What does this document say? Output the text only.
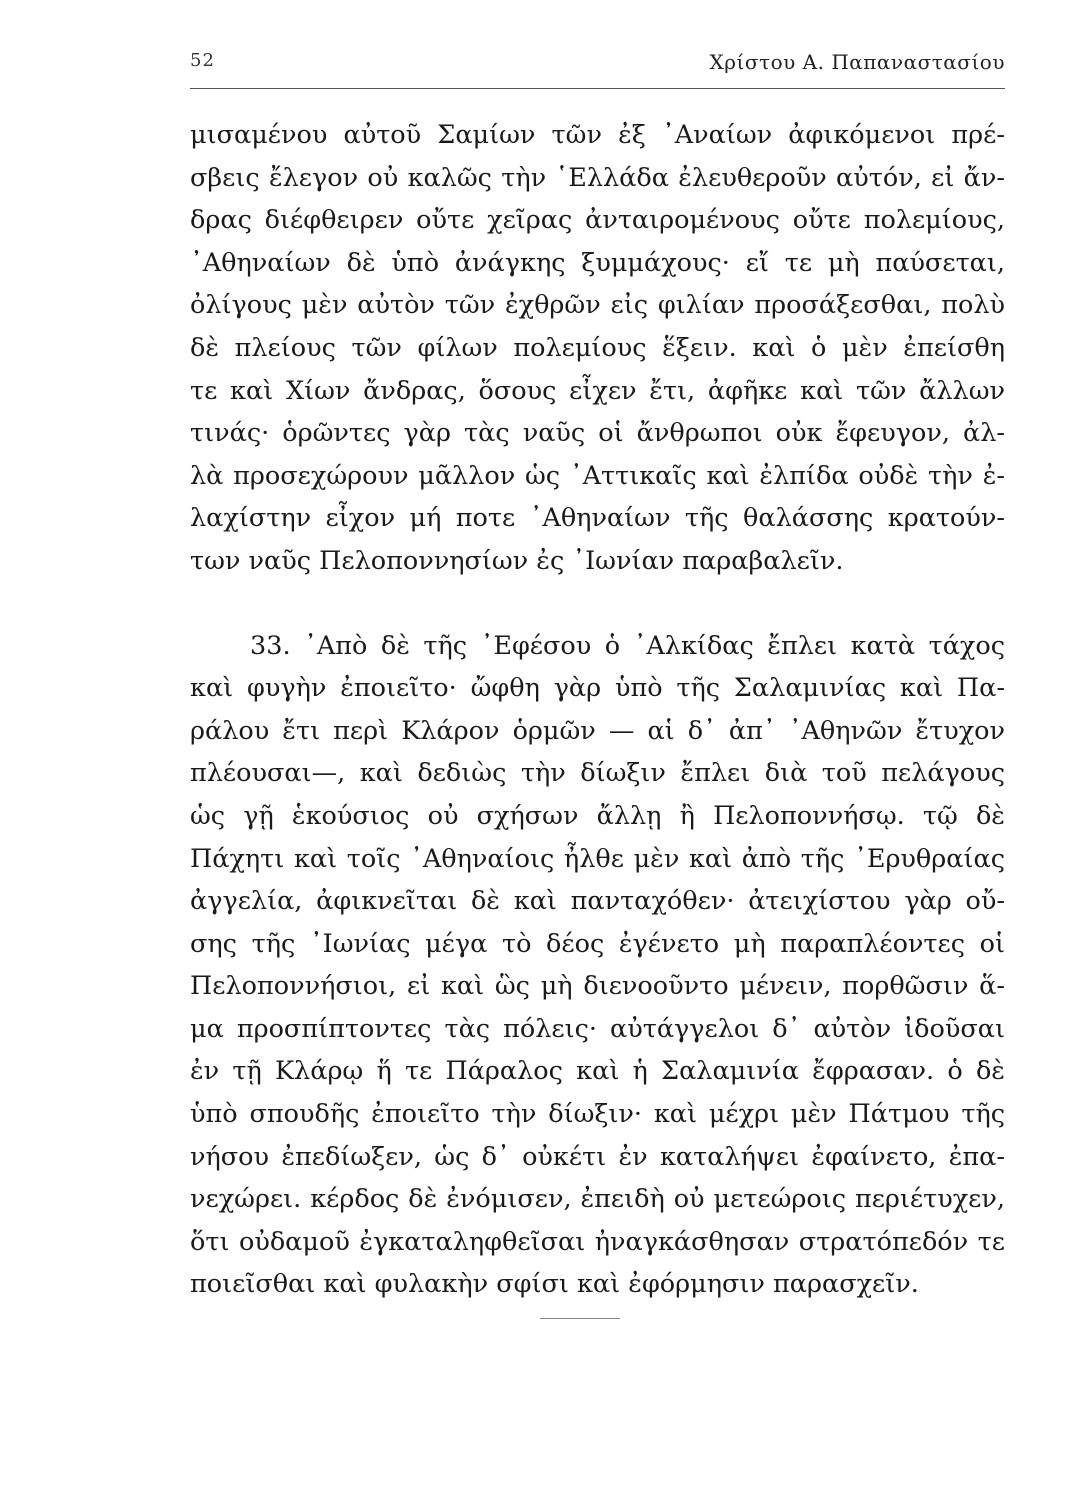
52	Χρίστου Α. Παπαναστασίου
μισαμένου αὐτοῦ Σαμίων τῶν ἐξ ᾿Αναίων ἀφικόμενοι πρέ-
σβεις ἔλεγον οὐ καλῶς τὴν ῾Ελλάδα ἐλευθεροῦν αὐτόν, εἰ ἄν-
δρας διέφθειρεν οὔτε χεῖρας ἀνταιρομένους οὔτε πολεμίους,
᾿Αθηναίων δὲ ὑπὸ ἀνάγκης ξυμμάχους· εἴ τε μὴ παύσεται,
ὀλίγους μὲν αὐτὸν τῶν ἐχθρῶν εἰς φιλίαν προσάξεσθαι, πολὺ
δὲ πλείους τῶν φίλων πολεμίους ἕξειν. καὶ ὁ μὲν ἐπείσθη
τε καὶ Χίων ἄνδρας, ὅσους εἶχεν ἔτι, ἀφῆκε καὶ τῶν ἄλλων
τινάς· ὁρῶντες γὰρ τὰς ναῦς οἱ ἄνθρωποι οὐκ ἔφευγον, ἀλ-
λὰ προσεχώρουν μᾶλλον ὡς ᾿Αττικαῖς καὶ ἐλπίδα οὐδὲ τὴν ἐ-
λαχίστην εἶχον μή ποτε ᾿Αθηναίων τῆς θαλάσσης κρατούν-
των ναῦς Πελοποννησίων ἐς ᾿Ιωνίαν παραβαλεῖν.
33. ᾿Απὸ δὲ τῆς ᾿Εφέσου ὁ ᾿Αλκίδας ἔπλει κατὰ τάχος
καὶ φυγὴν ἐποιεῖτο· ὤφθη γὰρ ὑπὸ τῆς Σαλαμινίας καὶ Πα-
ράλου ἔτι περὶ Κλάρον ὁρμῶν — αἱ δ᾿ ἀπ᾿ ᾿Αθηνῶν ἔτυχον
πλέουσαι—, καὶ δεδιὼς τὴν δίωξιν ἔπλει διὰ τοῦ πελάγους
ὡς γῇ ἑκούσιος οὐ σχήσων ἄλλῃ ἢ Πελοποννήσῳ. τῷ δὲ
Πάχητι καὶ τοῖς ᾿Αθηναίοις ἦλθε μὲν καὶ ἀπὸ τῆς ᾿Ερυθραίας
ἀγγελία, ἀφικνεῖται δὲ καὶ πανταχόθεν· ἀτειχίστου γὰρ οὔ-
σης τῆς ᾿Ιωνίας μέγα τὸ δέος ἐγένετο μὴ παραπλέοντες οἱ
Πελοποννήσιοι, εἰ καὶ ὣς μὴ διενοοῦντο μένειν, πορθῶσιν ἅ-
μα προσπίπτοντες τὰς πόλεις· αὐτάγγελοι δ᾿ αὐτὸν ἰδοῦσαι
ἐν τῇ Κλάρῳ ἥ τε Πάραλος καὶ ἡ Σαλαμινία ἔφρασαν. ὁ δὲ
ὑπὸ σπουδῆς ἐποιεῖτο τὴν δίωξιν· καὶ μέχρι μὲν Πάτμου τῆς
νήσου ἐπεδίωξεν, ὡς δ᾿ οὐκέτι ἐν καταλήψει ἐφαίνετο, ἐπα-
νεχώρει. κέρδος δὲ ἐνόμισεν, ἐπειδὴ οὐ μετεώροις περιέτυχεν,
ὅτι οὐδαμοῦ ἐγκαταληφθεῖσαι ἠναγκάσθησαν στρατόπεδόν τε
ποιεῖσθαι καὶ φυλακὴν σφίσι καὶ ἐφόρμησιν παρασχεῖν.
